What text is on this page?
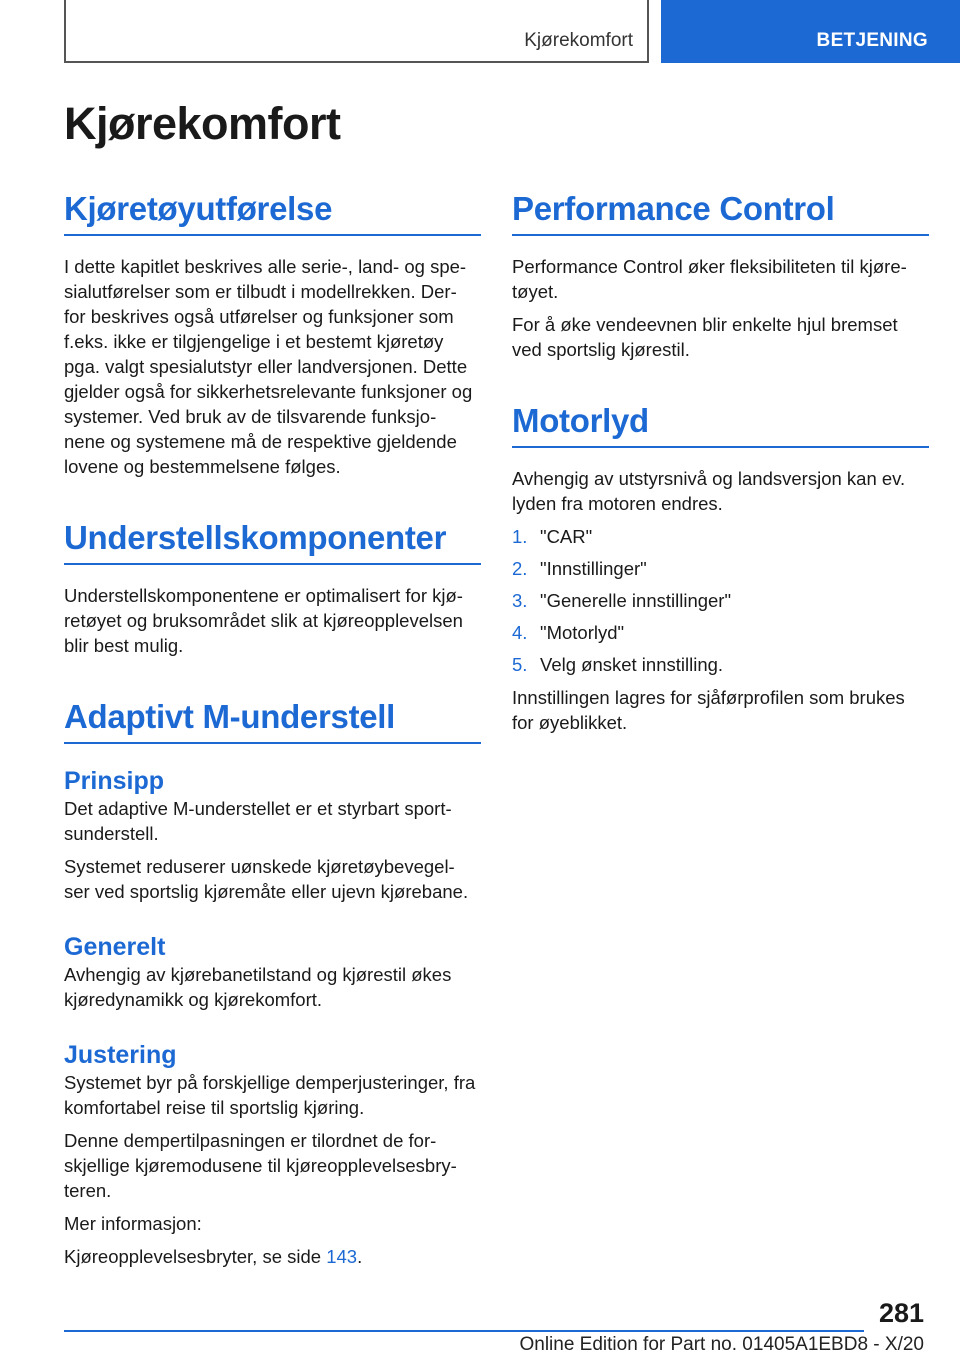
Kjørekomfort	BETJENING
Kjørekomfort
Kjøretøyutførelse

I dette kapitlet beskrives alle serie-, land- og spe- sialutførelser som er tilbudt i modellrekken. Der- for beskrives også utførelser og funksjoner som f.eks. ikke er tilgjengelige i et bestemt kjøretøy pga. valgt spesialutstyr eller landversjonen. Dette gjelder også for sikkerhetsrelevante funksjoner og systemer. Ved bruk av de tilsvarende funksjo- nene og systemene må de respektive gjeldende lovene og bestemmelsene følges.

Understellskomponenter

Understellskomponentene er optimalisert for kjø- retøyet og bruksområdet slik at kjøreopplevelsen blir best mulig.

Adaptivt M-understell
Prinsipp

Det adaptive M-understellet er et styrbart sport- sunderstell.

Systemet reduserer uønskede kjøretøybevegel- ser ved sportslig kjøremåte eller ujevn kjørebane.

Generelt

Avhengig av kjørebanetilstand og kjørestil økes kjøredynamikk og kjørekomfort.

Justering

Systemet byr på forskjellige demperjusteringer, fra komfortabel reise til sportslig kjøring.

Denne dempertilpasningen er tilordnet de for- skjellige kjøremodusene til kjøreopplevelsesbry- teren.

Mer informasjon:

Kjøreopplevelsesbryter, se side 143.

Performance Control

Performance Control øker fleksibiliteten til kjøre- tøyet.

For å øke vendeevnen blir enkelte hjul bremset ved sportslig kjørestil.

Motorlyd

Avhengig av utstyrsnivå og landsversjon kan ev. lyden fra motoren endres.

1. "CAR"
2. "Innstillinger"
3. "Generelle innstillinger"
4. "Motorlyd"
5. Velg ønsket innstilling.

Innstillingen lagres for sjåførprofilen som brukes for øyeblikket.

281
Online Edition for Part no. 01405A1EBD8 - X/20
